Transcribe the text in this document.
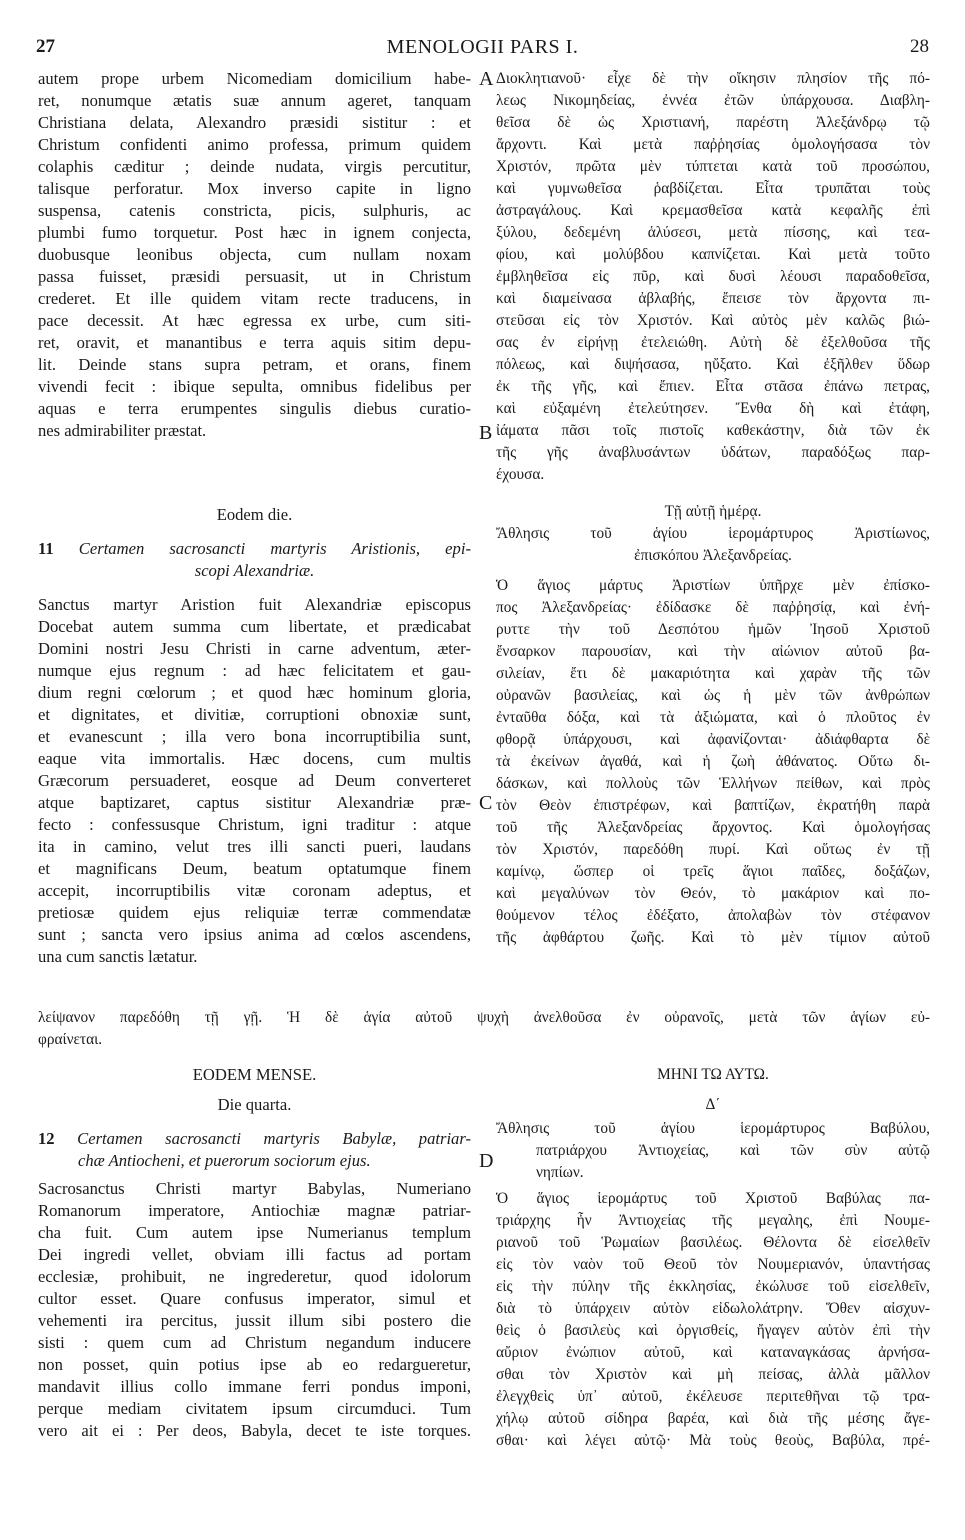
27	MENOLOGII PARS I.	28
A
B
C
D
autem prope urbem Nicomediam domicilium habe-
ret, nonumque ætatis suæ annum ageret, tanquam
Christiana delata, Alexandro præsidi sistitur : et
Christum confidenti animo professa, primum quidem
colaphis cæditur ; deinde nudata, virgis percutitur,
talisque perforatur. Mox inverso capite in ligno
suspensa, catenis constricta, picis, sulphuris, ac
plumbi fumo torquetur. Post hæc in ignem conjecta,
duobusque leonibus objecta, cum nullam noxam
passa fuisset, præsidi persuasit, ut in Christum
crederet. Et ille quidem vitam recte traducens, in
pace decessit. At hæc egressa ex urbe, cum siti-
ret, oravit, et manantibus e terra aquis sitim depu-
lit. Deinde stans supra petram, et orans, finem
vivendi fecit : ibique sepulta, omnibus fidelibus per
aquas e terra erumpentes singulis diebus curatio-
nes admirabiliter præstat.
Eodem die.
11 Certamen sacrosancti martyris Aristionis, epi-
scopi Alexandriæ.
Sanctus martyr Aristion fuit Alexandriæ episcopus
Docebat autem summa cum libertate, et prædicabat
Domini nostri Jesu Christi in carne adventum, æter-
numque ejus regnum : ad hæc felicitatem et gau-
dium regni cœlorum ; et quod hæc hominum gloria,
et dignitates, et divitiæ, corruptioni obnoxiæ sunt,
et evanescunt ; illa vero bona incorruptibilia sunt,
eaque vita immortalis. Hæc docens, cum multis
Græcorum persuaderet, eosque ad Deum converteret
atque baptizaret, captus sistitur Alexandriæ præ-
fecto : confessusque Christum, igni traditur : atque
ita in camino, velut tres illi sancti pueri, laudans
et magnificans Deum, beatum optatumque finem
accepit, incorruptibilis vitæ coronam adeptus, et
pretiosæ quidem ejus reliquiæ terræ commendatæ
sunt ; sancta vero ipsius anima ad cœlos ascendens,
una cum sanctis lætatur.
Διοκλητιανοῦ· εἶχε δὲ τὴν οἴκησιν πλησίον τῆς πό-
λεως Νικομηδείας, ἐννέα ἐτῶν ὑπάρχουσα. Διαβλη-
θεῖσα δὲ ὡς Χριστιανή, παρέστη Ἀλεξάνδρῳ τῷ
ἄρχοντι. Καὶ μετὰ παῤῥησίας ὁμολογήσασα τὸν
Χριστόν, πρῶτα μὲν τύπτεται κατὰ τοῦ προσώπου,
καὶ γυμνωθεῖσα ῥαβδίζεται. Εἶτα τρυπᾶται τοὺς
ἀστραγάλους. Καὶ κρεμασθεῖσα κατὰ κεφαλῆς ἐπὶ
ξύλου, δεδεμένη ἁλύσεσι, μετὰ πίσσης, καὶ τεα-
φίου, καὶ μολύβδου καπνίζεται. Καὶ μετὰ τοῦτο
ἐμβληθεῖσα εἰς πῦρ, καὶ δυσὶ λέουσι παραδοθεῖσα,
καὶ διαμείνασα ἀβλαβής, ἔπεισε τὸν ἄρχοντα πι-
στεῦσαι εἰς τὸν Χριστόν. Καὶ αὐτὸς μὲν καλῶς βιώ-
σας ἐν εἰρήνῃ ἐτελειώθη. Αὐτὴ δὲ ἐξελθοῦσα τῆς
πόλεως, καὶ διψήσασα, ηὔξατο. Καὶ ἐξῆλθεν ὕδωρ
ἐκ τῆς γῆς, καὶ ἔπιεν. Εἶτα στᾶσα ἐπάνω πετρας,
καὶ εὐξαμένη ἐτελεύτησεν. Ἔνθα δὴ καὶ ἐτάφη,
ἰάματα πᾶσι τοῖς πιστοῖς καθεκάστην, διὰ τῶν ἐκ
τῆς γῆς ἀναβλυσάντων ὑδάτων, παραδόξως παρ-
έχουσα.
Τῇ αὐτῇ ἡμέρᾳ.
Ἄθλησις τοῦ ἁγίου ἱερομάρτυρος Ἀριστίωνος,
ἐπισκόπου Ἀλεξανδρείας.
Ὁ ἅγιος μάρτυς Ἀριστίων ὑπῆρχε μὲν ἐπίσκο-
πος Ἀλεξανδρείας· ἐδίδασκε δὲ παῤῥησίᾳ, καὶ ἐνή-
ρυττε τὴν τοῦ Δεσπότου ἡμῶν Ἰησοῦ Χριστοῦ
ἔνσαρκον παρουσίαν, καὶ τὴν αἰώνιον αὐτοῦ βα-
σιλείαν, ἔτι δὲ μακαριότητα καὶ χαρὰν τῆς τῶν
οὐρανῶν βασιλείας, καὶ ὡς ἡ μὲν τῶν ἀνθρώπων
ἐνταῦθα δόξα, καὶ τὰ ἀξιώματα, καὶ ὁ πλοῦτος ἐν
φθορᾷ ὑπάρχουσι, καὶ ἀφανίζονται· ἀδιάφθαρτα δὲ
τὰ ἐκείνων ἀγαθά, καὶ ἡ ζωὴ ἀθάνατος. Οὕτω δι-
δάσκων, καὶ πολλοὺς τῶν Ἑλλήνων πείθων, καὶ πρὸς
τὸν Θεὸν ἐπιστρέφων, καὶ βαπτίζων, ἐκρατήθη παρὰ
τοῦ τῆς Ἀλεξανδρείας ἄρχοντος. Καὶ ὁμολογήσας
τὸν Χριστόν, παρεδόθη πυρί. Καὶ οὕτως ἐν τῇ
καμίνῳ, ὥσπερ οἱ τρεῖς ἅγιοι παῖδες, δοξάζων,
καὶ μεγαλύνων τὸν Θεόν, τὸ μακάριον καὶ πο-
θούμενον τέλος ἐδέξατο, ἀπολαβὼν τὸν στέφανον
τῆς ἀφθάρτου ζωῆς. Καὶ τὸ μὲν τίμιον αὐτοῦ
λείψανον παρεδόθη τῇ γῇ. Ἡ δὲ ἁγία αὐτοῦ ψυχὴ ἀνελθοῦσα ἐν οὐρανοῖς, μετὰ τῶν ἁγίων εὐ-
φραίνεται.
EODEM MENSE.
Die quarta.
12 Certamen sacrosancti martyris Babylæ, patriar-
chæ Antiocheni, et puerorum sociorum ejus.
Sacrosanctus Christi martyr Babylas, Numeriano
Romanorum imperatore, Antiochiæ magnæ patriar-
cha fuit. Cum autem ipse Numerianus templum
Dei ingredi vellet, obviam illi factus ad portam
ecclesiæ, prohibuit, ne ingrederetur, quod idolorum
cultor esset. Quare confusus imperator, simul et
vehementi ira percitus, jussit illum sibi postero die
sisti : quem cum ad Christum negandum inducere
non posset, quin potius ipse ab eo redargueretur,
mandavit illius collo immane ferri pondus imponi,
perque mediam civitatem ipsum circumduci. Tum
vero ait ei : Per deos, Babyla, decet te iste torques.
ΜΗΝΙ ΤΩ ΑΥΤΩ.
Δ΄
Ἄθλησις τοῦ ἁγίου ἱερομάρτυρος Βαβύλου,
πατριάρχου Ἀντιοχείας, καὶ τῶν σὺν αὐτῷ
νηπίων.
Ὁ ἅγιος ἱερομάρτυς τοῦ Χριστοῦ Βαβύλας πα-
τριάρχης ἦν Ἀντιοχείας τῆς μεγαλης, ἐπὶ Νουμε-
ριανοῦ τοῦ Ῥωμαίων βασιλέως. Θέλοντα δὲ εἰσελθεῖν
εἰς τὸν ναὸν τοῦ Θεοῦ τὸν Νουμεριανόν, ὑπαντήσας
εἰς τὴν πύλην τῆς ἐκκλησίας, ἐκώλυσε τοῦ εἰσελθεῖν,
διὰ τὸ ὑπάρχειν αὐτὸν εἰδωλολάτρην. Ὅθεν αἰσχυν-
θεὶς ὁ βασιλεὺς καὶ ὀργισθείς, ἤγαγεν αὐτὸν ἐπὶ τὴν
αὔριον ἐνώπιον αὐτοῦ, καὶ καταναγκάσας ἀρνήσα-
σθαι τὸν Χριστὸν καὶ μὴ πείσας, ἀλλὰ μᾶλλον
ἐλεγχθεὶς ὑπ᾽ αὐτοῦ, ἐκέλευσε περιτεθῆναι τῷ τρα-
χήλῳ αὐτοῦ σίδηρα βαρέα, καὶ διὰ τῆς μέσης ἄγε-
σθαι· καὶ λέγει αὐτῷ· Μὰ τοὺς θεοὺς, Βαβύλα, πρέ-
